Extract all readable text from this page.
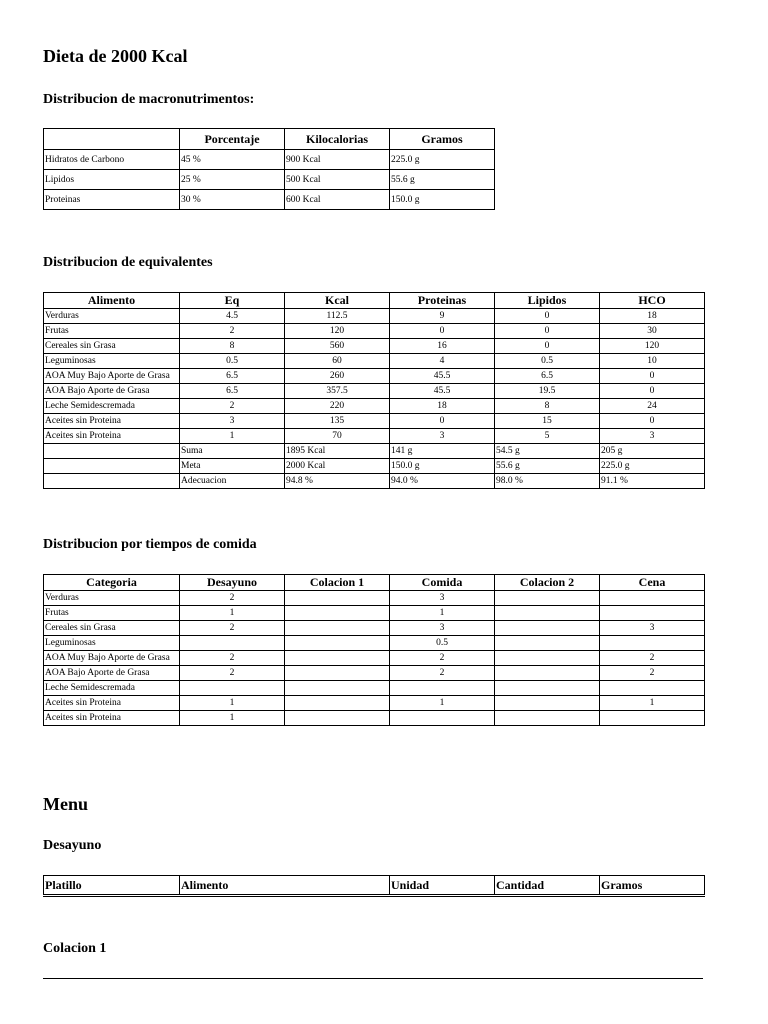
Dieta de 2000 Kcal
Distribucion de macronutrimentos:
	Porcentaje	Kilocalorias	Gramos
Hidratos de Carbono	45 %	900 Kcal	225.0 g
Lipidos	25 %	500 Kcal	55.6 g
Proteinas	30 %	600 Kcal	150.0 g
Distribucion de equivalentes
Alimento	Eq	Kcal	Proteinas	Lipidos	HCO
Verduras	4.5	112.5	9	0	18
Frutas	2	120	0	0	30
Cereales sin Grasa	8	560	16	0	120
Leguminosas	0.5	60	4	0.5	10
AOA Muy Bajo Aporte de Grasa	6.5	260	45.5	6.5	0
AOA Bajo Aporte de Grasa	6.5	357.5	45.5	19.5	0
Leche Semidescremada	2	220	18	8	24
Aceites sin Proteina	3	135	0	15	0
Aceites sin Proteina	1	70	3	5	3
	Suma	1895 Kcal	141 g	54.5 g	205 g
	Meta	2000 Kcal	150.0 g	55.6 g	225.0 g
	Adecuacion	94.8 %	94.0 %	98.0 %	91.1 %
Distribucion por tiempos de comida
Categoria	Desayuno	Colacion 1	Comida	Colacion 2	Cena
Verduras	2		3		
Frutas	1		1		
Cereales sin Grasa	2		3		3
Leguminosas			0.5		
AOA Muy Bajo Aporte de Grasa	2		2		2
AOA Bajo Aporte de Grasa	2		2		2
Leche Semidescremada					
Aceites sin Proteina	1		1		1
Aceites sin Proteina	1				
Menu
Desayuno
Platillo	Alimento	Unidad	Cantidad	Gramos
Colacion 1
